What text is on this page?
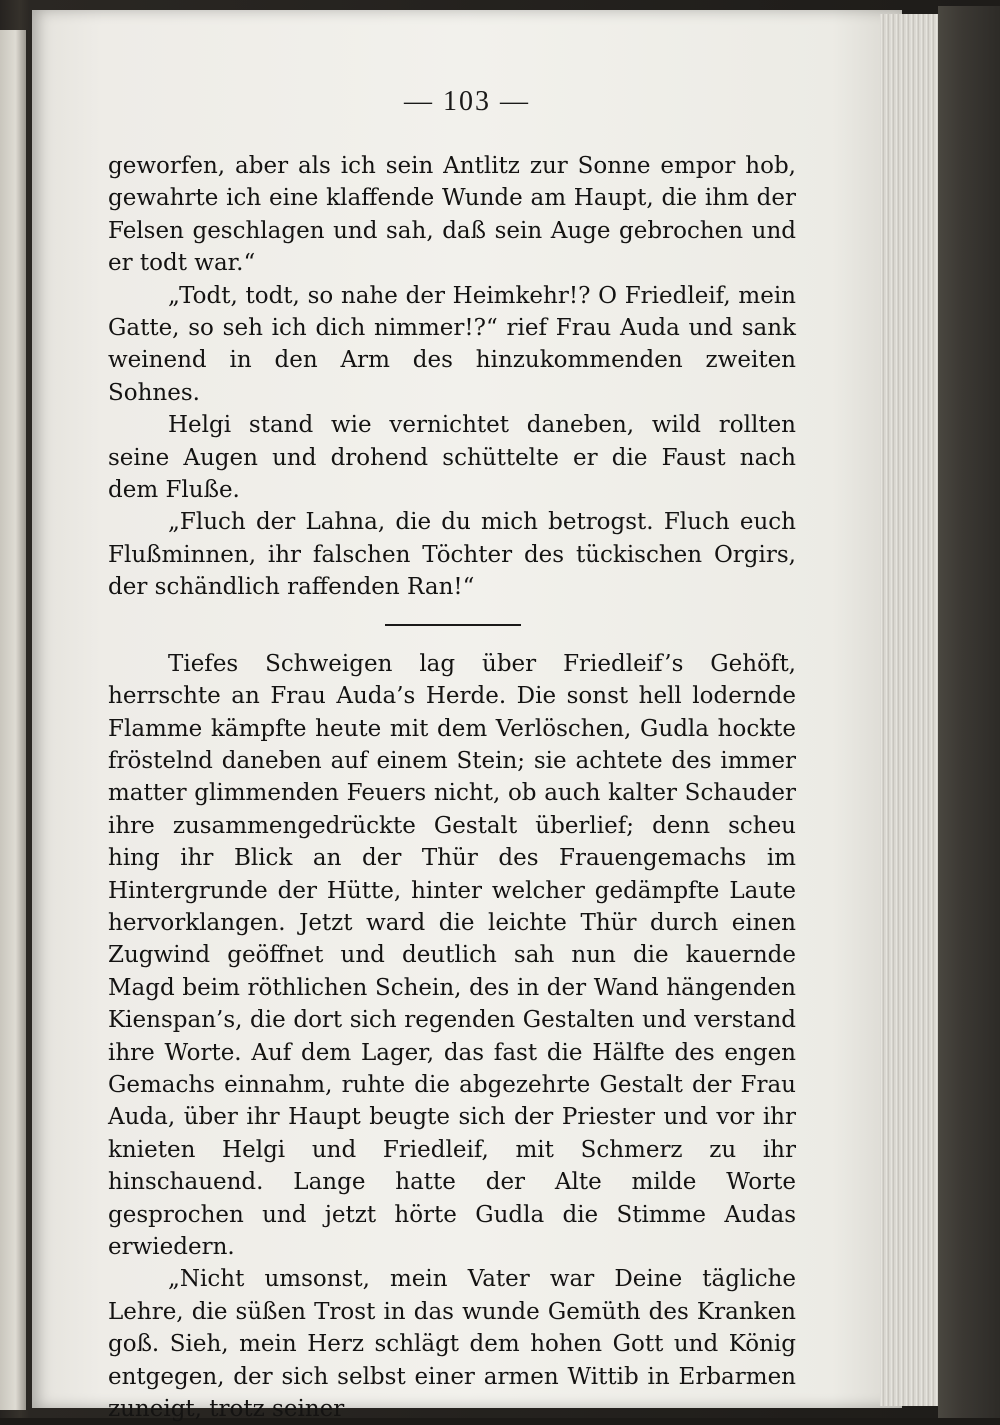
— 103 —

geworfen, aber als ich sein Antlitz zur Sonne empor hob, gewahrte ich eine klaffende Wunde am Haupt, die ihm der Felsen geschlagen und sah, daß sein Auge gebrochen und er todt war.“

„Todt, todt, so nahe der Heimkehr!? O Friedleif, mein Gatte, so seh ich dich nimmer!?“ rief Frau Auda und sank weinend in den Arm des hinzukommenden zweiten Sohnes.

Helgi stand wie vernichtet daneben, wild rollten seine Augen und drohend schüttelte er die Faust nach dem Fluße.

„Fluch der Lahna, die du mich betrogst. Fluch euch Flußminnen, ihr falschen Töchter des tückischen Orgirs, der schändlich raffenden Ran!“

Tiefes Schweigen lag über Friedleif’s Gehöft, herrschte an Frau Auda’s Herde. Die sonst hell lodernde Flamme kämpfte heute mit dem Verlöschen, Gudla hockte fröstelnd daneben auf einem Stein; sie achtete des immer matter glimmenden Feuers nicht, ob auch kalter Schauder ihre zusammengedrückte Gestalt überlief; denn scheu hing ihr Blick an der Thür des Frauengemachs im Hintergrunde der Hütte, hinter welcher gedämpfte Laute hervorklangen. Jetzt ward die leichte Thür durch einen Zugwind geöffnet und deutlich sah nun die kauernde Magd beim röthlichen Schein, des in der Wand hängenden Kienspan’s, die dort sich regenden Gestalten und verstand ihre Worte. Auf dem Lager, das fast die Hälfte des engen Gemachs einnahm, ruhte die abgezehrte Gestalt der Frau Auda, über ihr Haupt beugte sich der Priester und vor ihr knieten Helgi und Friedleif, mit Schmerz zu ihr hinschauend. Lange hatte der Alte milde Worte gesprochen und jetzt hörte Gudla die Stimme Audas erwiedern.

„Nicht umsonst, mein Vater war Deine tägliche Lehre, die süßen Trost in das wunde Gemüth des Kranken goß. Sieh, mein Herz schlägt dem hohen Gott und König entgegen, der sich selbst einer armen Wittib in Erbarmen zuneigt, trotz seiner
